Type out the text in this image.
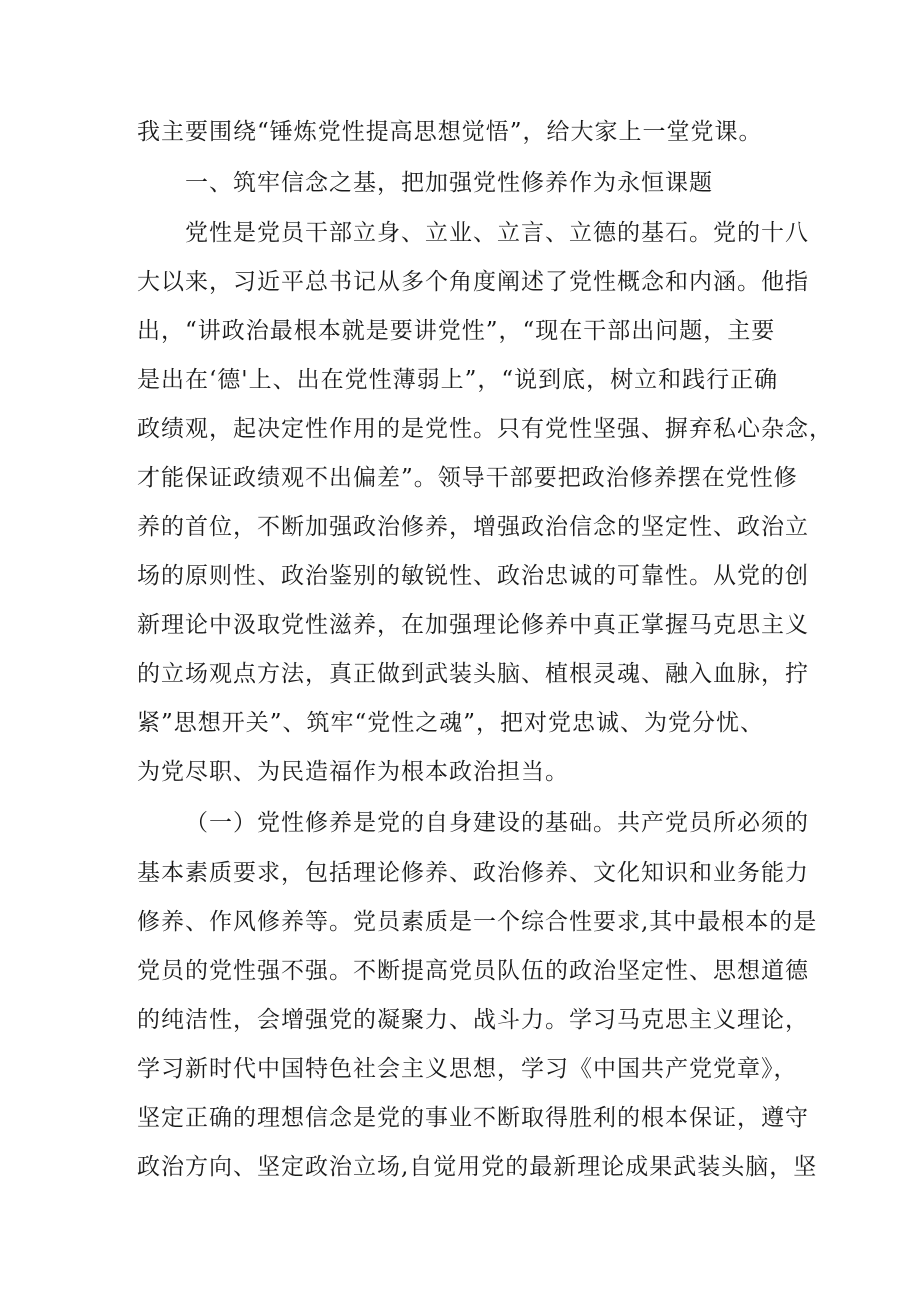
我主要围绕“锤炼党性提高思想觉悟”，给大家上一堂党课。
一、筑牢信念之基，把加强党性修养作为永恒课题
党性是党员干部立身、立业、立言、立德的基石。党的十八
大以来，习近平总书记从多个角度阐述了党性概念和内涵。他指
出，“讲政治最根本就是要讲党性”，“现在干部出问题，主要
是出在‘德'上、出在党性薄弱上”，“说到底，树立和践行正确
政绩观，起决定性作用的是党性。只有党性坚强、摒弃私心杂念，
才能保证政绩观不出偏差”。领导干部要把政治修养摆在党性修
养的首位，不断加强政治修养，增强政治信念的坚定性、政治立
场的原则性、政治鉴别的敏锐性、政治忠诚的可靠性。从党的创
新理论中汲取党性滋养，在加强理论修养中真正掌握马克思主义
的立场观点方法，真正做到武装头脑、植根灵魂、融入血脉，拧
紧”思想开关”、筑牢“党性之魂”，把对党忠诚、为党分忧、
为党尽职、为民造福作为根本政治担当。
（一）党性修养是党的自身建设的基础。共产党员所必须的
基本素质要求，包括理论修养、政治修养、文化知识和业务能力
修养、作风修养等。党员素质是一个综合性要求,其中最根本的是
党员的党性强不强。不断提高党员队伍的政治坚定性、思想道德
的纯洁性，会增强党的凝聚力、战斗力。学习马克思主义理论，
学习新时代中国特色社会主义思想，学习《中国共产党党章》，
坚定正确的理想信念是党的事业不断取得胜利的根本保证，遵守
政治方向、坚定政治立场,自觉用党的最新理论成果武装头脑，坚
